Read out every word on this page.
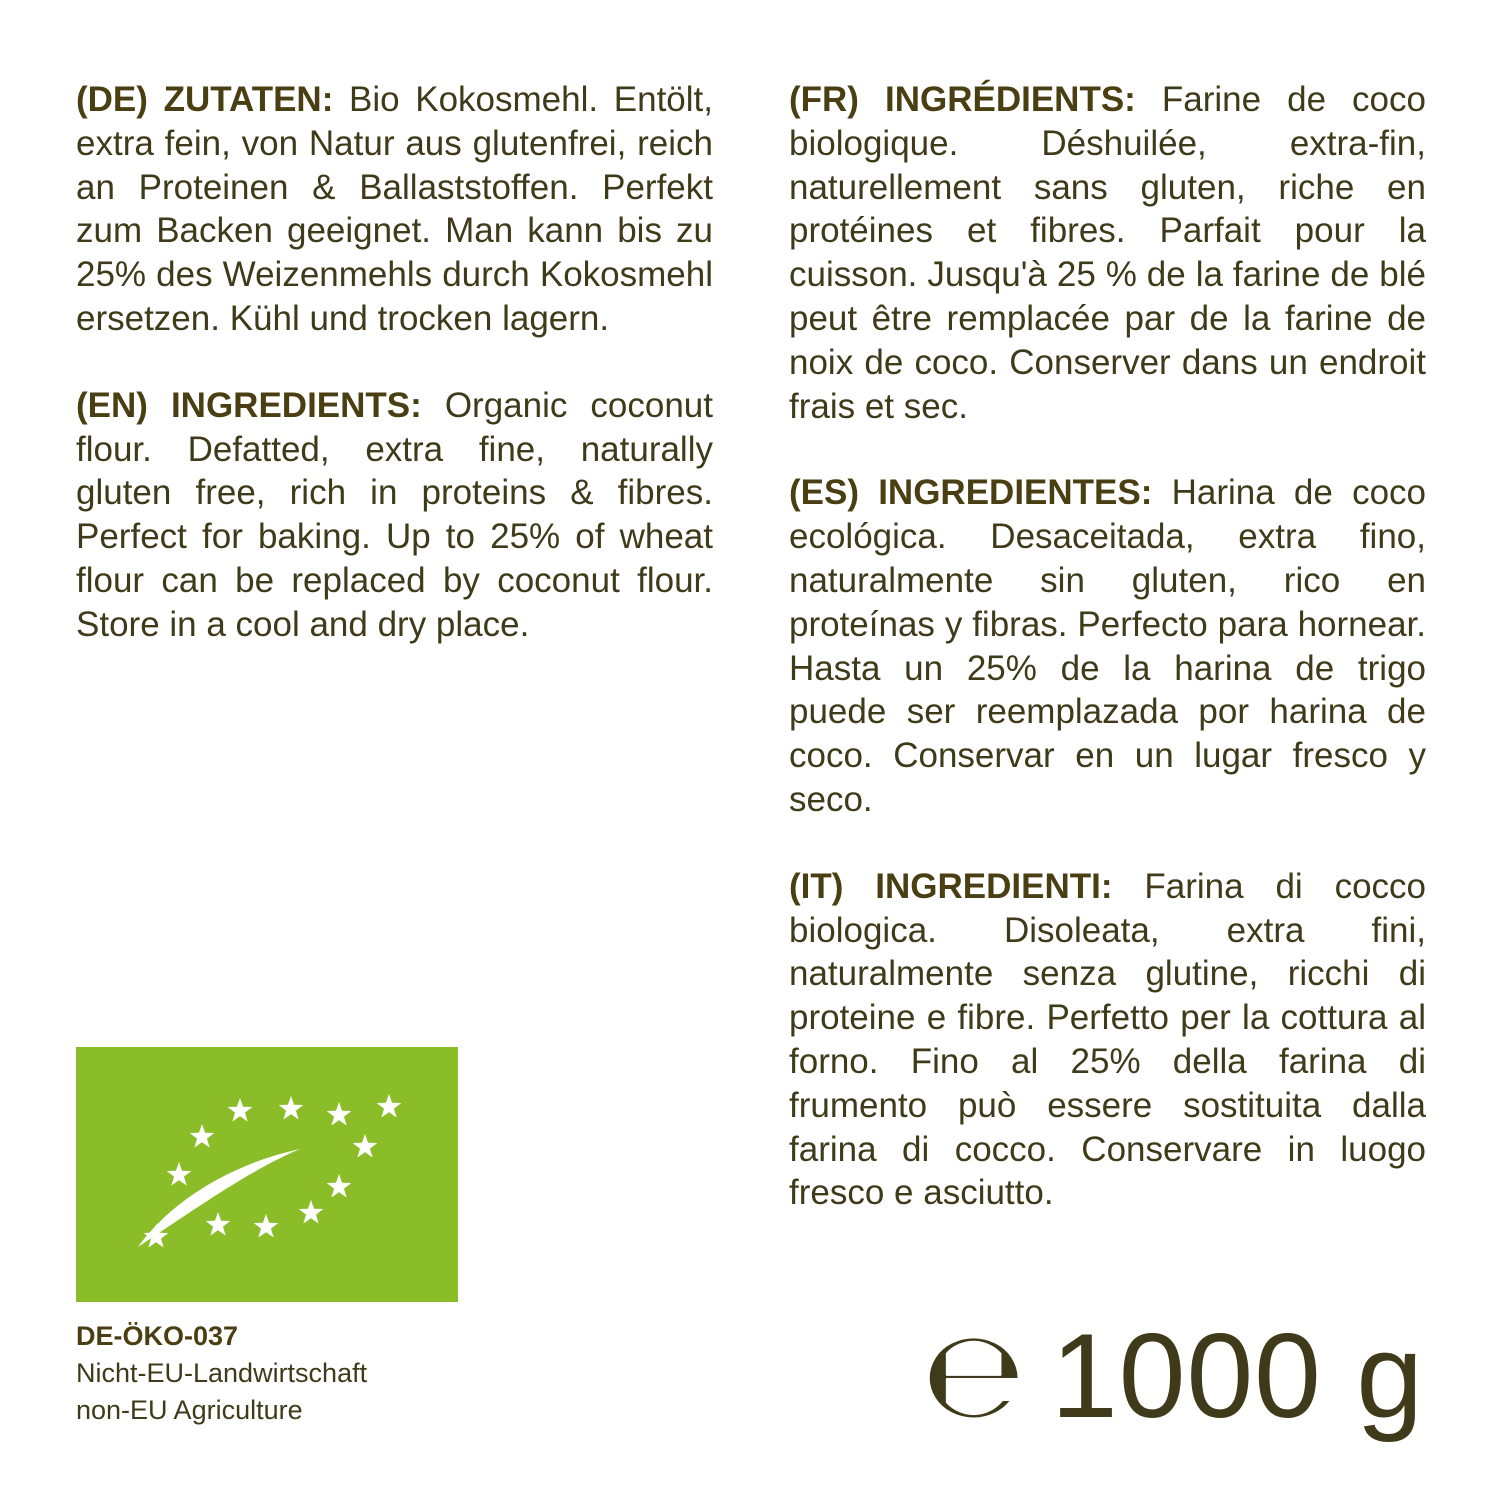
(DE) ZUTATEN: Bio Kokosmehl. Entölt, extra fein, von Natur aus glutenfrei, reich an Proteinen & Ballaststoffen. Perfekt zum Backen geeignet. Man kann bis zu 25% des Weizenmehls durch Kokosmehl ersetzen. Kühl und trocken lagern.

(EN) INGREDIENTS: Organic coconut flour. Defatted, extra fine, naturally gluten free, rich in proteins & fibres. Perfect for baking. Up to 25% of wheat flour can be replaced by coconut flour. Store in a cool and dry place.

(FR) INGRÉDIENTS: Farine de coco biologique. Déshuilée, extra-fin, naturellement sans gluten, riche en protéines et fibres. Parfait pour la cuisson. Jusqu'à 25 % de la farine de blé peut être remplacée par de la farine de noix de coco. Conserver dans un endroit frais et sec.

(ES) INGREDIENTES: Harina de coco ecológica. Desaceitada, extra fino, naturalmente sin gluten, rico en proteínas y fibras. Perfecto para hornear. Hasta un 25% de la harina de trigo puede ser reemplazada por harina de coco. Conservar en un lugar fresco y seco.

(IT) INGREDIENTI: Farina di cocco biologica. Disoleata, extra fini, naturalmente senza glutine, ricchi di proteine e fibre. Perfetto per la cottura al forno. Fino al 25% della farina di frumento può essere sostituita dalla farina di cocco. Conservare in luogo fresco e asciutto.

DE-ÖKO-037
Nicht-EU-Landwirtschaft
non-EU Agriculture	℮ 1000 g
